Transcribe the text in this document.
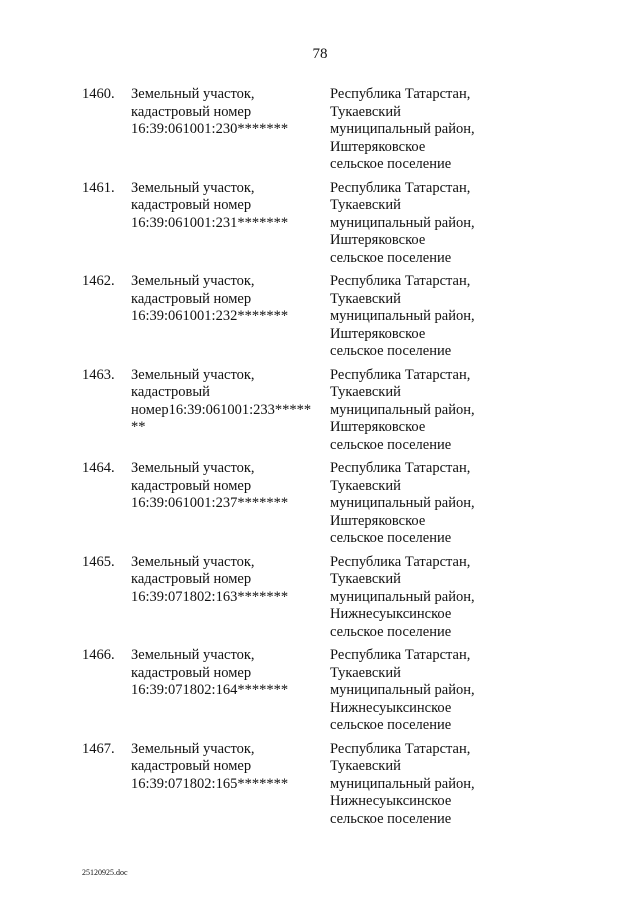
78
1460. Земельный участок,
кадастровый номер
16:39:061001:230*******
Республика Татарстан,
Тукаевский
муниципальный район,
Иштеряковское
сельское поселение
1461. Земельный участок,
кадастровый номер
16:39:061001:231*******
Республика Татарстан,
Тукаевский
муниципальный район,
Иштеряковское
сельское поселение
1462. Земельный участок,
кадастровый номер
16:39:061001:232*******
Республика Татарстан,
Тукаевский
муниципальный район,
Иштеряковское
сельское поселение
1463. Земельный участок,
кадастровый
номер16:39:061001:233*****
**
Республика Татарстан,
Тукаевский
муниципальный район,
Иштеряковское
сельское поселение
1464. Земельный участок,
кадастровый номер
16:39:061001:237*******
Республика Татарстан,
Тукаевский
муниципальный район,
Иштеряковское
сельское поселение
1465. Земельный участок,
кадастровый номер
16:39:071802:163*******
Республика Татарстан,
Тукаевский
муниципальный район,
Нижнесуыксинское
сельское поселение
1466. Земельный участок,
кадастровый номер
16:39:071802:164*******
Республика Татарстан,
Тукаевский
муниципальный район,
Нижнесуыксинское
сельское поселение
1467. Земельный участок,
кадастровый номер
16:39:071802:165*******
Республика Татарстан,
Тукаевский
муниципальный район,
Нижнесуыксинское
сельское поселение
25120925.doc
